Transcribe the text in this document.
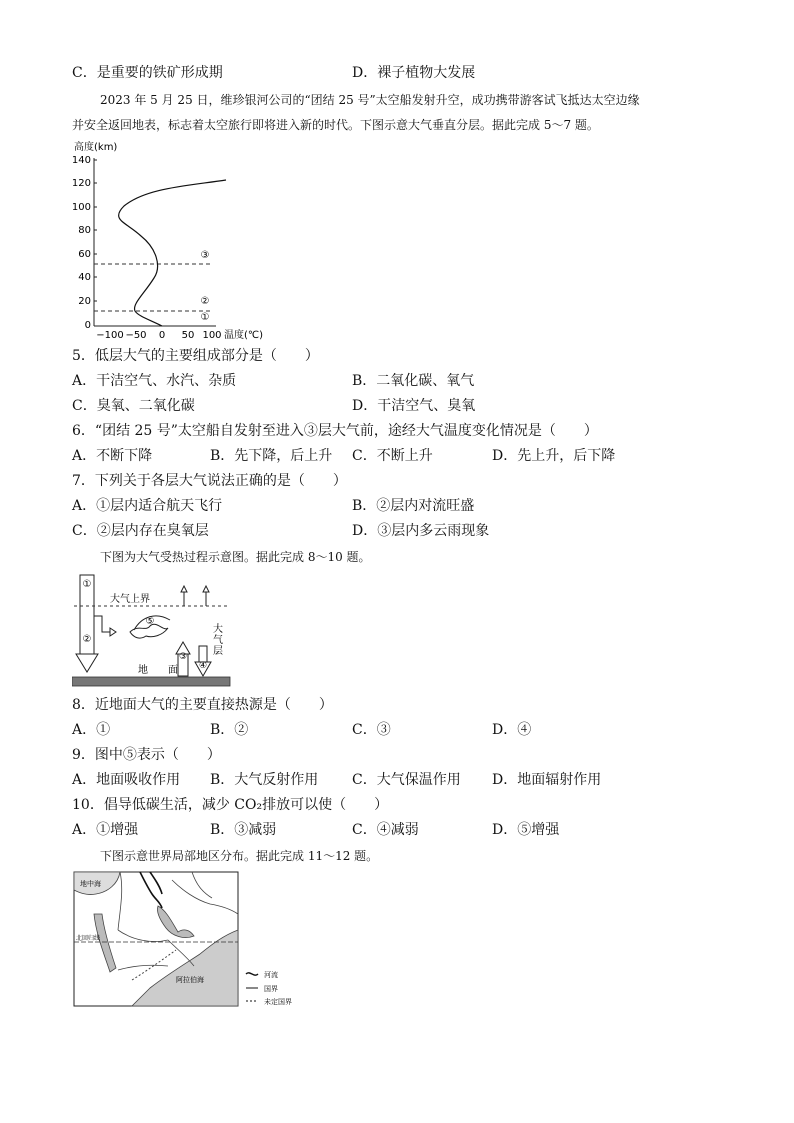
C．是重要的铁矿形成期	D．裸子植物大发展
2023 年 5 月 25 日，维珍银河公司的“团结 25 号”太空船发射升空，成功携带游客试飞抵达太空边缘
并安全返回地表，标志着太空旅行即将进入新的时代。下图示意大气垂直分层。据此完成 5～7 题。
高度(km)
140
120
100
80
60
40
20
0
−100 −50 0 50 100 温度(℃)
①
②
③
5．低层大气的主要组成部分是（　　）
A．干洁空气、水汽、杂质	B．二氧化碳、氧气
C．臭氧、二氧化碳	D．干洁空气、臭氧
6．“团结 25 号”太空船自发射至进入③层大气前，途经大气温度变化情况是（　　）
A．不断下降	B．先下降，后上升 C．不断上升	D．先上升，后下降
7．下列关于各层大气说法正确的是（　　）
A．①层内适合航天飞行	B．②层内对流旺盛
C．②层内存在臭氧层	D．③层内多云雨现象
下图为大气受热过程示意图。据此完成 8～10 题。
①
大气上界
②
⑤
大
气
层
③
④
地　　面
8．近地面大气的主要直接热源是（　　）
A．①	B．②	C．③	D．④
9．图中⑤表示（　　）
A．地面吸收作用 B．大气反射作用 C．大气保温作用 D．地面辐射作用
10．倡导低碳生活，减少 CO₂排放可以使（　　）
A．①增强	B．③减弱	C．④减弱	D．⑤增强
下图示意世界局部地区分布。据此完成 11～12 题。
地中海
阿拉伯海
北回归线
河流
国界
未定国界
